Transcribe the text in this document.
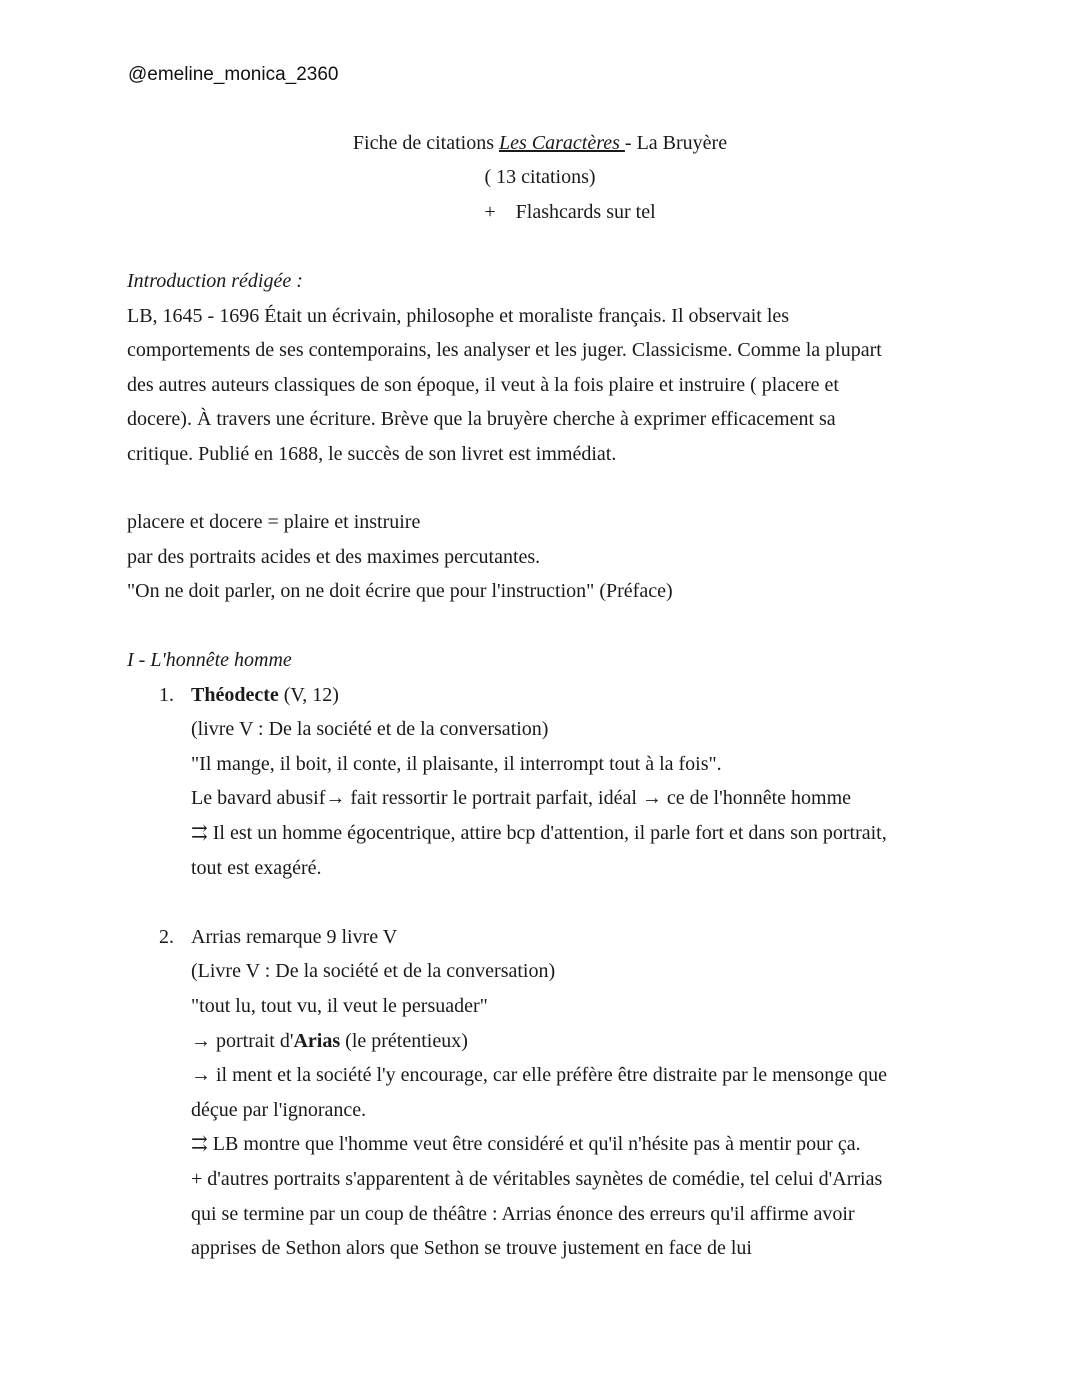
@emeline_monica_2360
Fiche de citations Les Caractères - La Bruyère
( 13 citations)
+    Flashcards sur tel
Introduction rédigée :
LB, 1645 - 1696 Était un écrivain, philosophe et moraliste français. Il observait les
comportements de ses contemporains, les analyser et les juger. Classicisme. Comme la plupart
des autres auteurs classiques de son époque, il veut à la fois plaire et instruire ( placere et
docere). À travers une écriture. Brève que la bruyère cherche à exprimer efficacement sa
critique. Publié en 1688, le succès de son livret est immédiat.
placere et docere = plaire et instruire
par des portraits acides et des maximes percutantes.
"On ne doit parler, on ne doit écrire que pour l'instruction" (Préface)
I - L'honnête homme
1. Théodecte (V, 12)
(livre V : De la société et de la conversation)
"Il mange, il boit, il conte, il plaisante, il interrompt tout à la fois".
Le bavard abusif→ fait ressortir le portrait parfait, idéal → ce de l'honnête homme
⇉ Il est un homme égocentrique, attire bcp d'attention, il parle fort et dans son portrait,
tout est exagéré.
2. Arrias remarque 9 livre V
(Livre V : De la société et de la conversation)
"tout lu, tout vu, il veut le persuader"
→ portrait d'Arias (le prétentieux)
→ il ment et la société l'y encourage, car elle préfère être distraite par le mensonge que
déçue par l'ignorance.
⇉ LB montre que l'homme veut être considéré et qu'il n'hésite pas à mentir pour ça.
+ d'autres portraits s'apparentent à de véritables saynètes de comédie, tel celui d'Arrias
qui se termine par un coup de théâtre : Arrias énonce des erreurs qu'il affirme avoir
apprises de Sethon alors que Sethon se trouve justement en face de lui
